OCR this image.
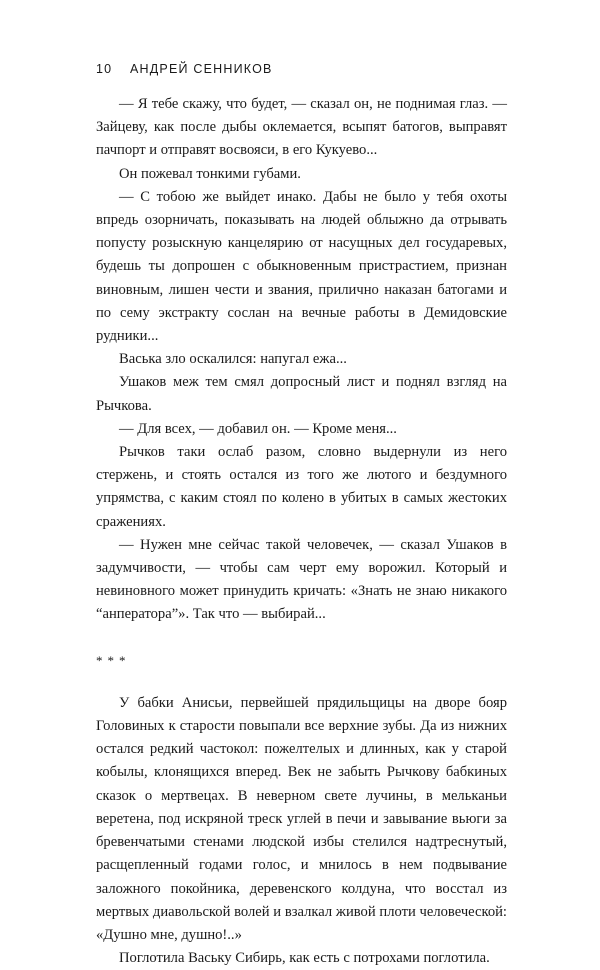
10 АНДРЕЙ СЕННИКОВ

— Я тебе скажу, что будет, — сказал он, не поднимая глаз. — Зайцеву, как после дыбы оклемается, всыпят батогов, выправят пачпорт и отправят восвояси, в его Кукуево...

Он пожевал тонкими губами.

— С тобою же выйдет инако. Дабы не было у тебя охоты впредь озорничать, показывать на людей облыжно да отрывать попусту розыскную канцелярию от насущных дел государевых, будешь ты допрошен с обыкновенным пристрастием, признан виновным, лишен чести и звания, прилично наказан батогами и по сему экстракту сослан на вечные работы в Демидовские рудники...

Васька зло оскалился: напугал ежа...

Ушаков меж тем смял допросный лист и поднял взгляд на Рычкова.

— Для всех, — добавил он. — Кроме меня...

Рычков таки ослаб разом, словно выдернули из него стержень, и стоять остался из того же лютого и бездумного упрямства, с каким стоял по колено в убитых в самых жестоких сражениях.

— Нужен мне сейчас такой человечек, — сказал Ушаков в задумчивости, — чтобы сам черт ему ворожил. Который и невиновного может принудить кричать: «Знать не знаю никакого “анператора”». Так что — выбирай...

***

У бабки Анисьи, первейшей прядильщицы на дворе бояр Головиных к старости повыпали все верхние зубы. Да из нижних остался редкий частокол: пожелтелых и длинных, как у старой кобылы, клонящихся вперед. Век не забыть Рычкову бабкиных сказок о мертвецах. В неверном свете лучины, в мельканьи веретена, под искряной треск углей в печи и завывание вьюги за бревенчатыми стенами людской избы стелился надтреснутый, расщепленный годами голос, и мнилось в нем подвывание заложного покойника, деревенского колдуна, что восстал из мертвых диавольской волей и взалкал живой плоти человеческой: «Душно мне, душно!..»

Поглотила Ваську Сибирь, как есть с потрохами поглотила.
